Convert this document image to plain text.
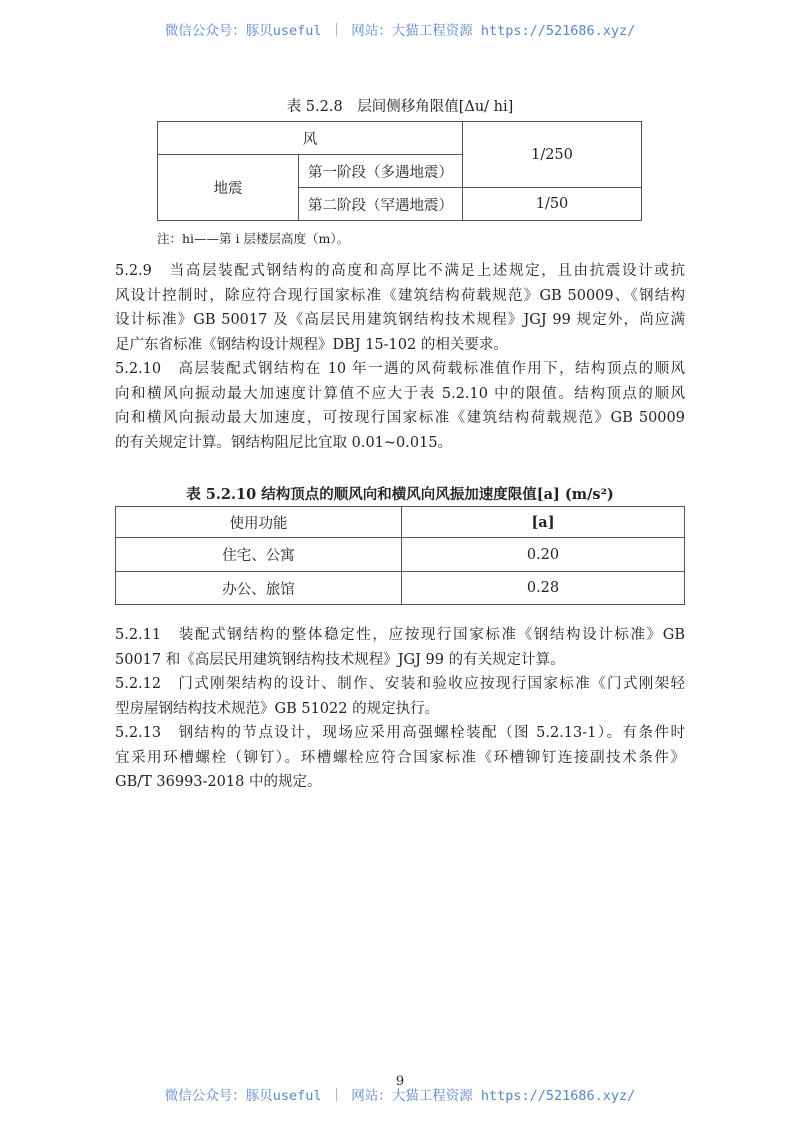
微信公众号：豚贝useful ｜ 网站：大猫工程资源 https://521686.xyz/
表 5.2.8　层间侧移角限值[Δu/ hi]
风		1/250
地震	第一阶段（多遇地震）	
	第二阶段（罕遇地震）	1/50
注：hi——第 i 层楼层高度（m）。
5.2.9　当高层装配式钢结构的高度和高厚比不满足上述规定，且由抗震设计或抗
风设计控制时，除应符合现行国家标准《建筑结构荷载规范》GB 50009、《钢结构
设计标准》GB 50017 及《高层民用建筑钢结构技术规程》JGJ 99 规定外，尚应满
足广东省标准《钢结构设计规程》DBJ 15-102 的相关要求。
5.2.10　高层装配式钢结构在 10 年一遇的风荷载标准值作用下，结构顶点的顺风
向和横风向振动最大加速度计算值不应大于表 5.2.10 中的限值。结构顶点的顺风
向和横风向振动最大加速度，可按现行国家标准《建筑结构荷载规范》GB 50009
的有关规定计算。钢结构阻尼比宜取 0.01~0.015。
5.2.11　装配式钢结构的整体稳定性，应按现行国家标准《钢结构设计标准》GB
50017 和《高层民用建筑钢结构技术规程》JGJ 99 的有关规定计算。
5.2.12　门式刚架结构的设计、制作、安装和验收应按现行国家标准《门式刚架轻
型房屋钢结构技术规范》GB 51022 的规定执行。
5.2.13　钢结构的节点设计，现场应采用高强螺栓装配（图 5.2.13-1）。有条件时
宜采用环槽螺栓（铆钉）。环槽螺栓应符合国家标准《环槽铆钉连接副技术条件》
GB/T 36993-2018 中的规定。
表 5.2.10 结构顶点的顺风向和横风向风振加速度限值[a] (m/s²)
使用功能	[a]
住宅、公寓	0.20
办公、旅馆	0.28
9
微信公众号：豚贝useful ｜ 网站：大猫工程资源 https://521686.xyz/
